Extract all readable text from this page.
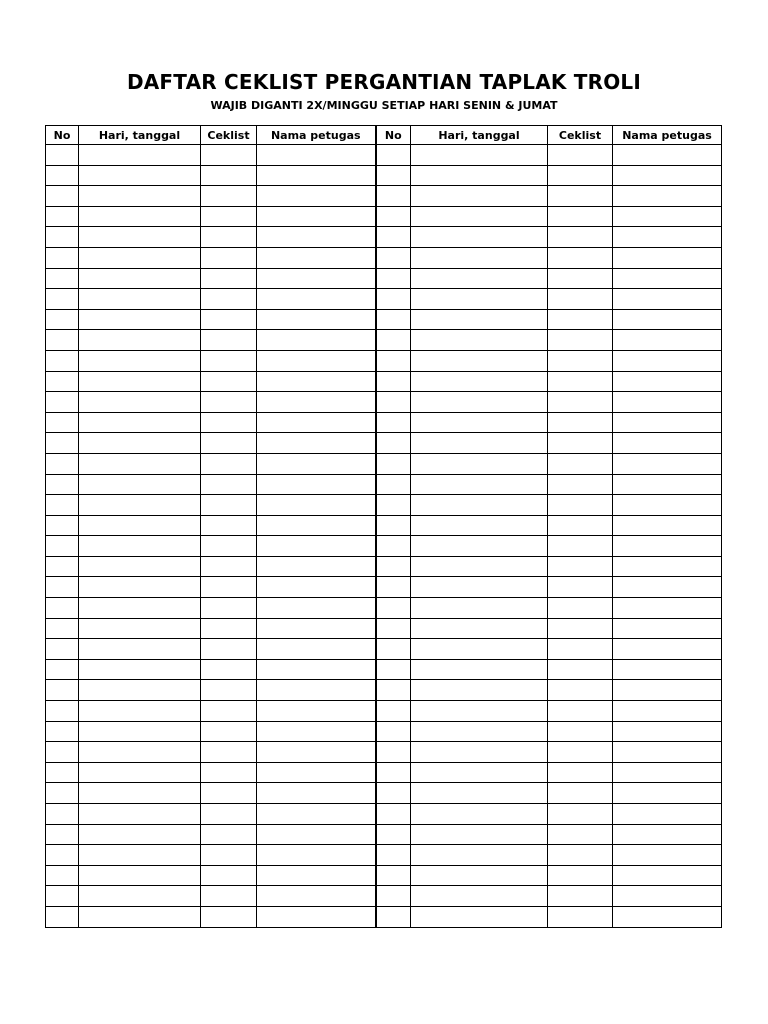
DAFTAR CEKLIST PERGANTIAN TAPLAK TROLI
WAJIB DIGANTI 2X/MINGGU SETIAP HARI SENIN & JUMAT
No	Hari, tanggal	Ceklist	Nama petugas	No	Hari, tanggal	Ceklist	Nama petugas
